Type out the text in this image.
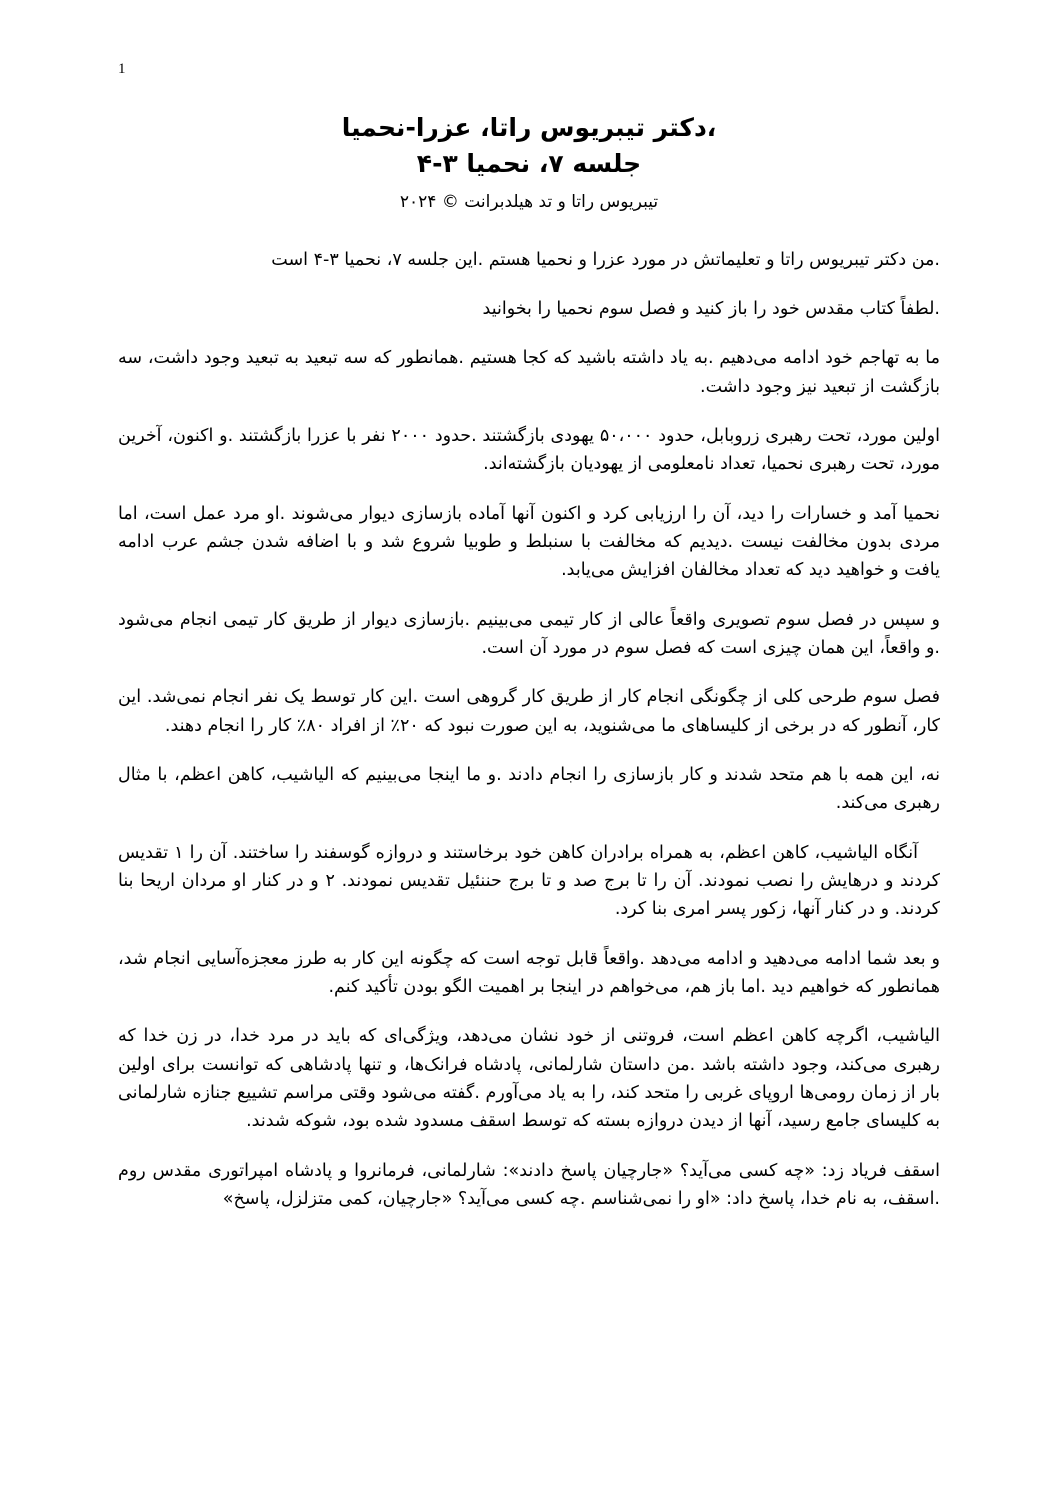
1
،دکتر تیبریوس راتا، عزرا-نحمیا
جلسه ۷، نحمیا ۳-۴
تیبریوس راتا و تد هیلدبرانت © ۲۰۲۴

.من دکتر تیبریوس راتا و تعلیماتش در مورد عزرا و نحمیا هستم .این جلسه ۷، نحمیا ۳-۴ است

.لطفاً کتاب مقدس خود را باز کنید و فصل سوم نحمیا را بخوانید

ما به تهاجم خود ادامه می‌دهیم .به یاد داشته باشید که کجا هستیم .همانطور که سه تبعید به تبعید وجود داشت، سه بازگشت از تبعید نیز وجود داشت.

اولین مورد، تحت رهبری زروبابل، حدود ۵۰،۰۰۰ یهودی بازگشتند .حدود ۲۰۰۰ نفر با عزرا بازگشتند .و اکنون، آخرین مورد، تحت رهبری نحمیا، تعداد نامعلومی از یهودیان بازگشته‌اند.

نحمیا آمد و خسارات را دید، آن را ارزیابی کرد و اکنون آنها آماده بازسازی دیوار می‌شوند .او مرد عمل است، اما مردی بدون مخالفت نیست .دیدیم که مخالفت با سنبلط و طوبیا شروع شد و با اضافه شدن جشم عرب ادامه یافت و خواهید دید که تعداد مخالفان افزایش می‌یابد.

و سپس در فصل سوم تصویری واقعاً عالی از کار تیمی می‌بینیم .بازسازی دیوار از طریق کار تیمی انجام می‌شود .و واقعاً، این همان چیزی است که فصل سوم در مورد آن است.

فصل سوم طرحی کلی از چگونگی انجام کار از طریق کار گروهی است .این کار توسط یک نفر انجام نمی‌شد. این کار، آنطور که در برخی از کلیساهای ما می‌شنوید، به این صورت نبود که ۲۰٪ از افراد ۸۰٪ کار را انجام دهند.

نه، این همه با هم متحد شدند و کار بازسازی را انجام دادند .و ما اینجا می‌بینیم که الیاشیب، کاهن اعظم، با مثال رهبری می‌کند.

آنگاه الیاشیب، کاهن اعظم، به همراه برادران کاهن خود برخاستند و دروازه گوسفند را ساختند. آن را ۱ تقدیس کردند و درهایش را نصب نمودند. آن را تا برج صد و تا برج حننئیل تقدیس نمودند. ۲ و در کنار او مردان اریحا بنا کردند. و در کنار آنها، زکور پسر امری بنا کرد.

و بعد شما ادامه می‌دهید و ادامه می‌دهد .واقعاً قابل توجه است که چگونه این کار به طرز معجزه‌آسایی انجام شد، همانطور که خواهیم دید .اما باز هم، می‌خواهم در اینجا بر اهمیت الگو بودن تأکید کنم.

الیاشیب، اگرچه کاهن اعظم است، فروتنی از خود نشان می‌دهد، ویژگی‌ای که باید در مرد خدا، در زن خدا که رهبری می‌کند، وجود داشته باشد .من داستان شارلمانی، پادشاه فرانک‌ها، و تنها پادشاهی که توانست برای اولین بار از زمان رومی‌ها اروپای غربی را متحد کند، را به یاد می‌آورم .گفته می‌شود وقتی مراسم تشییع جنازه شارلمانی به کلیسای جامع رسید، آنها از دیدن دروازه بسته که توسط اسقف مسدود شده بود، شوکه شدند.

اسقف فریاد زد: «چه کسی می‌آید؟ «جارچیان پاسخ دادند»: شارلمانی، فرمانروا و پادشاه امپراتوری مقدس روم .اسقف، به نام خدا، پاسخ داد: «او را نمی‌شناسم .چه کسی می‌آید؟ «جارچیان، کمی متزلزل، پاسخ»
